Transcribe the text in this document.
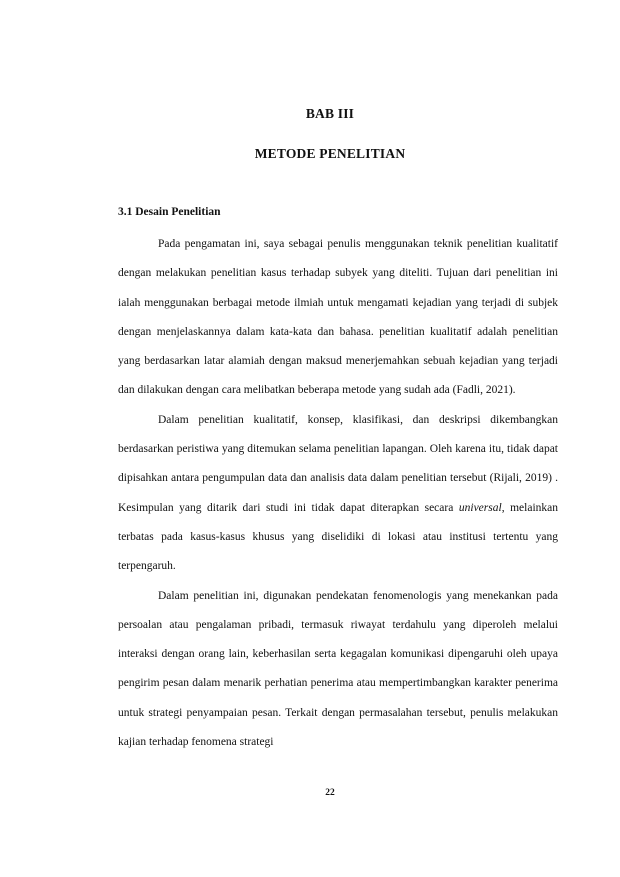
BAB III
METODE PENELITIAN
3.1 Desain Penelitian

Pada pengamatan ini, saya sebagai penulis menggunakan teknik penelitian kualitatif dengan melakukan penelitian kasus terhadap subyek yang diteliti. Tujuan dari penelitian ini ialah menggunakan berbagai metode ilmiah untuk mengamati kejadian yang terjadi di subjek dengan menjelaskannya dalam kata-kata dan bahasa. penelitian kualitatif adalah penelitian yang berdasarkan latar alamiah dengan maksud menerjemahkan sebuah kejadian yang terjadi dan dilakukan dengan cara melibatkan beberapa metode yang sudah ada (Fadli, 2021).

Dalam penelitian kualitatif, konsep, klasifikasi, dan deskripsi dikembangkan berdasarkan peristiwa yang ditemukan selama penelitian lapangan. Oleh karena itu, tidak dapat dipisahkan antara pengumpulan data dan analisis data dalam penelitian tersebut (Rijali, 2019) . Kesimpulan yang ditarik dari studi ini tidak dapat diterapkan secara universal, melainkan terbatas pada kasus-kasus khusus yang diselidiki di lokasi atau institusi tertentu yang terpengaruh.

Dalam penelitian ini, digunakan pendekatan fenomenologis yang menekankan pada persoalan atau pengalaman pribadi, termasuk riwayat terdahulu yang diperoleh melalui interaksi dengan orang lain, keberhasilan serta kegagalan komunikasi dipengaruhi oleh upaya pengirim pesan dalam menarik perhatian penerima atau mempertimbangkan karakter penerima untuk strategi penyampaian pesan. Terkait dengan permasalahan tersebut, penulis melakukan kajian terhadap fenomena strategi

22
